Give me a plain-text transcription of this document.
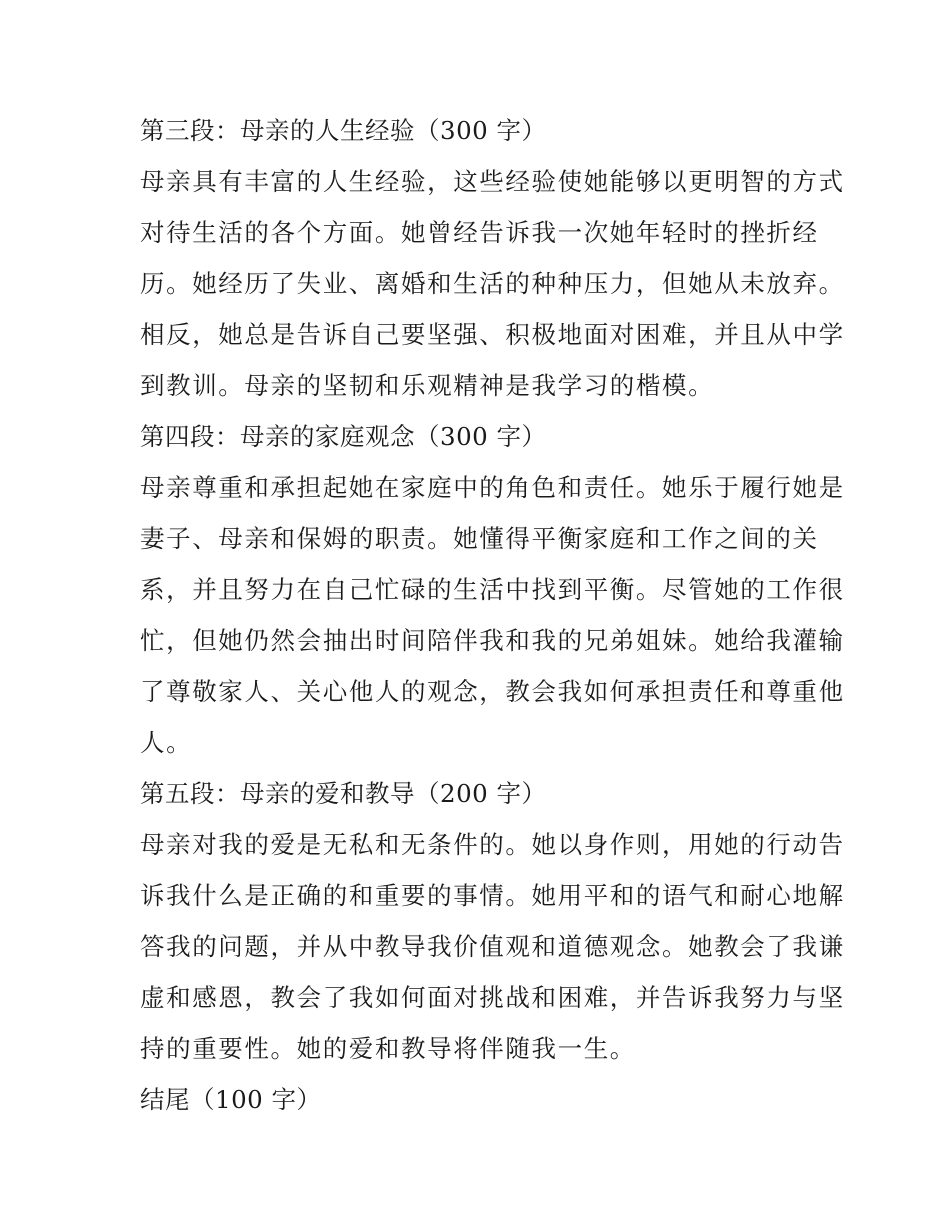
第三段：母亲的人生经验（300 字）
母亲具有丰富的人生经验，这些经验使她能够以更明智的方式
对待生活的各个方面。她曾经告诉我一次她年轻时的挫折经
历。她经历了失业、离婚和生活的种种压力，但她从未放弃。
相反，她总是告诉自己要坚强、积极地面对困难，并且从中学
到教训。母亲的坚韧和乐观精神是我学习的楷模。
第四段：母亲的家庭观念（300 字）
母亲尊重和承担起她在家庭中的角色和责任。她乐于履行她是
妻子、母亲和保姆的职责。她懂得平衡家庭和工作之间的关
系，并且努力在自己忙碌的生活中找到平衡。尽管她的工作很
忙，但她仍然会抽出时间陪伴我和我的兄弟姐妹。她给我灌输
了尊敬家人、关心他人的观念，教会我如何承担责任和尊重他
人。
第五段：母亲的爱和教导（200 字）
母亲对我的爱是无私和无条件的。她以身作则，用她的行动告
诉我什么是正确的和重要的事情。她用平和的语气和耐心地解
答我的问题，并从中教导我价值观和道德观念。她教会了我谦
虚和感恩，教会了我如何面对挑战和困难，并告诉我努力与坚
持的重要性。她的爱和教导将伴随我一生。
结尾（100 字）
